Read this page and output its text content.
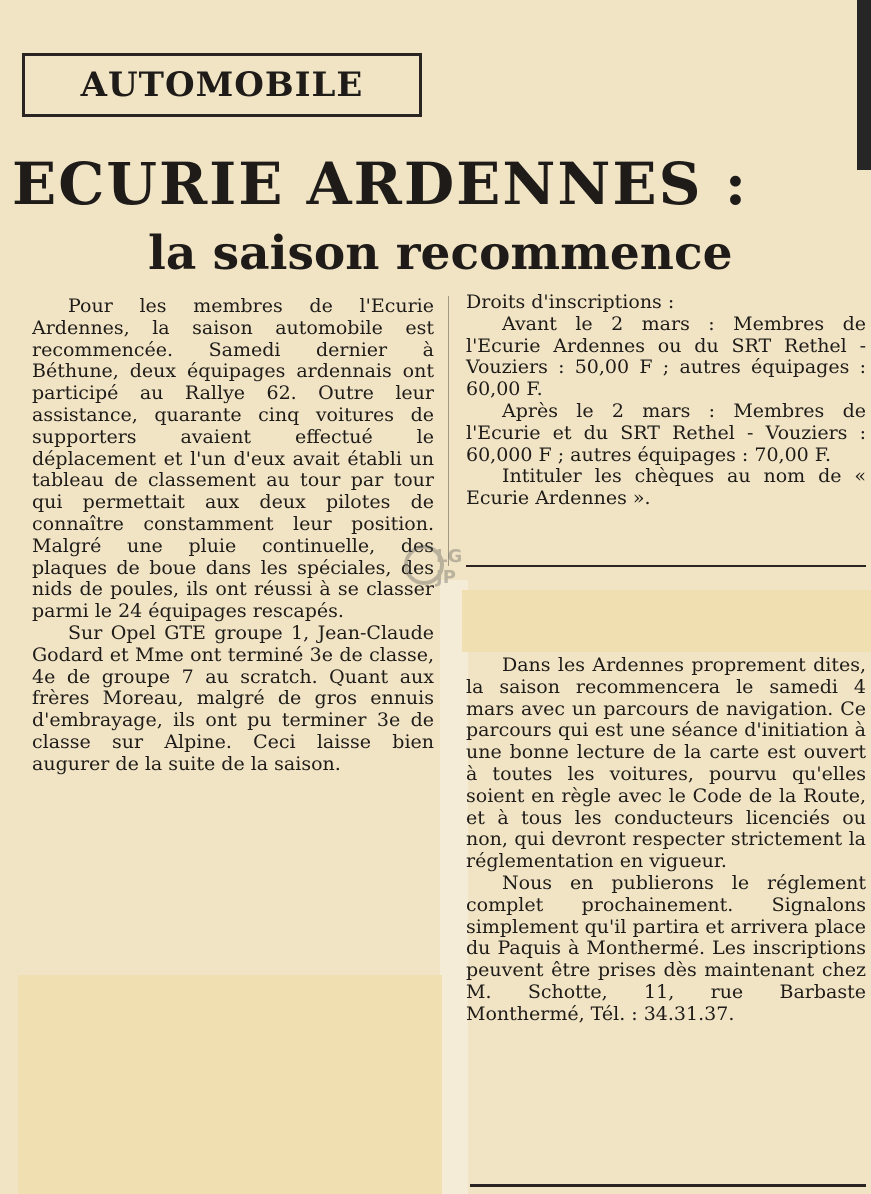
AUTOMOBILE
ECURIE ARDENNES :
la saison recommence

Pour les membres de l'Ecurie Ardennes, la saison automobile est recommencée. Samedi dernier à Béthune, deux équipages ardennais ont participé au Rallye 62. Outre leur assistance, quarante cinq voitures de supporters avaient effectué le déplacement et l'un d'eux avait établi un tableau de classement au tour par tour qui permettait aux deux pilotes de connaître constamment leur position. Malgré une pluie continuelle, des plaques de boue dans les spéciales, des nids de poules, ils ont réussi à se classer parmi le 24 équipages rescapés.

Sur Opel GTE groupe 1, Jean-Claude Godard et Mme ont terminé 3e de classe, 4e de groupe 7 au scratch. Quant aux frères Moreau, malgré de gros ennuis d'embrayage, ils ont pu terminer 3e de classe sur Alpine. Ceci laisse bien augurer de la suite de la saison.

Droits d'inscriptions :

Avant le 2 mars : Membres de l'Ecurie Ardennes ou du SRT Rethel - Vouziers : 50,00 F ; autres équipages : 60,00 F.

Après le 2 mars : Membres de l'Ecurie et du SRT Rethel - Vouziers : 60,000 F ; autres équipages : 70,00 F.

Intituler les chèques au nom de « Ecurie Ardennes ».

Dans les Ardennes proprement dites, la saison recommencera le samedi 4 mars avec un parcours de navigation. Ce parcours qui est une séance d'initiation à une bonne lecture de la carte est ouvert à toutes les voitures, pourvu qu'elles soient en règle avec le Code de la Route, et à tous les conducteurs licenciés ou non, qui devront respecter strictement la réglementation en vigueur.

Nous en publierons le réglement complet prochainement. Signalons simplement qu'il partira et arrivera place du Paquis à Monthermé. Les inscriptions peuvent être prises dès maintenant chez M. Schotte, 11, rue Barbaste Monthermé, Tél. : 34.31.37.

LG
JP
